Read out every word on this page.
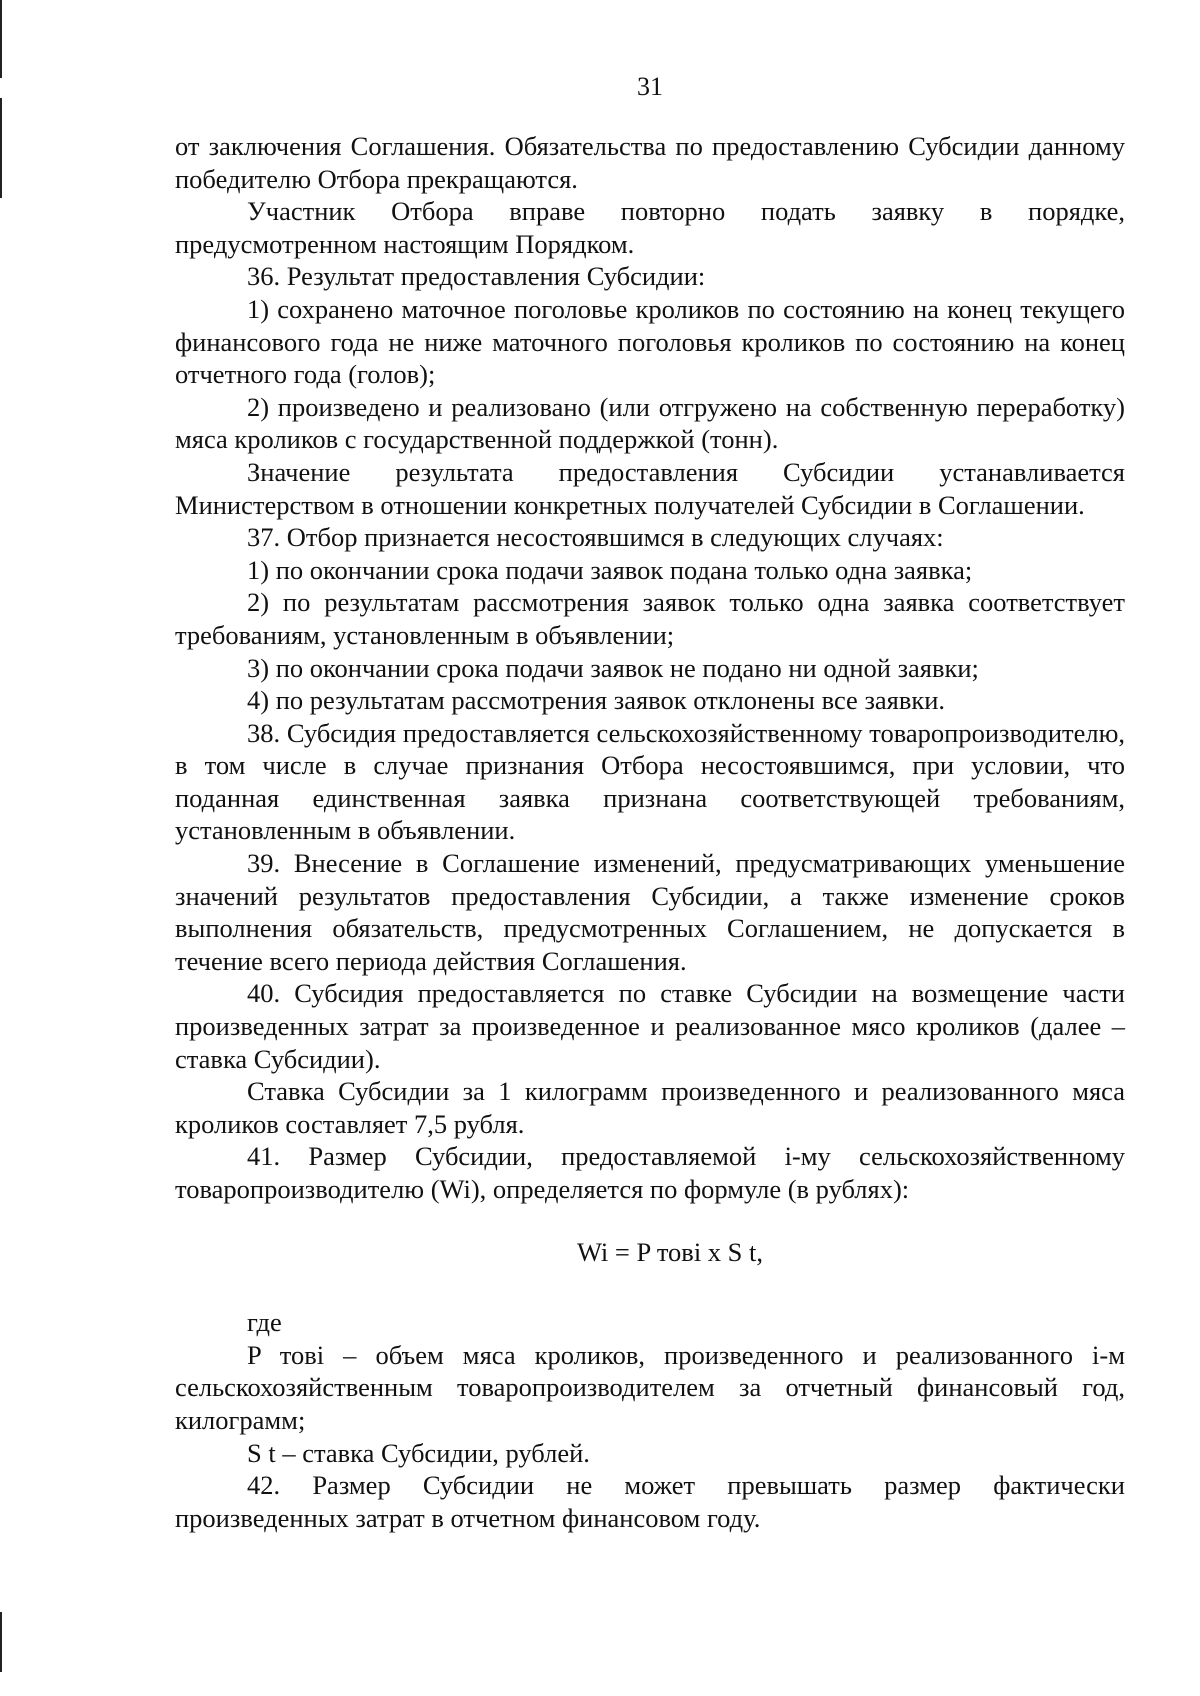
31

от заключения Соглашения. Обязательства по предоставлению Субсидии данному победителю Отбора прекращаются.

Участник Отбора вправе повторно подать заявку в порядке, предусмотренном настоящим Порядком.

36. Результат предоставления Субсидии:

1) сохранено маточное поголовье кроликов по состоянию на конец текущего финансового года не ниже маточного поголовья кроликов по состоянию на конец отчетного года (голов);

2) произведено и реализовано (или отгружено на собственную переработку) мяса кроликов с государственной поддержкой (тонн).

Значение результата предоставления Субсидии устанавливается Министерством в отношении конкретных получателей Субсидии в Соглашении.

37. Отбор признается несостоявшимся в следующих случаях:

1) по окончании срока подачи заявок подана только одна заявка;

2) по результатам рассмотрения заявок только одна заявка соответствует требованиям, установленным в объявлении;

3) по окончании срока подачи заявок не подано ни одной заявки;

4) по результатам рассмотрения заявок отклонены все заявки.

38. Субсидия предоставляется сельскохозяйственному товаропроизводителю, в том числе в случае признания Отбора несостоявшимся, при условии, что поданная единственная заявка признана соответствующей требованиям, установленным в объявлении.

39. Внесение в Соглашение изменений, предусматривающих уменьшение значений результатов предоставления Субсидии, а также изменение сроков выполнения обязательств, предусмотренных Соглашением, не допускается в течение всего периода действия Соглашения.

40. Субсидия предоставляется по ставке Субсидии на возмещение части произведенных затрат за произведенное и реализованное мясо кроликов (далее – ставка Субсидии).

Ставка Субсидии за 1 килограмм произведенного и реализованного мяса кроликов составляет 7,5 рубля.

41. Размер Субсидии, предоставляемой i-му сельскохозяйственному товаропроизводителю (Wi), определяется по формуле (в рублях):

Wi = P тові x S t,

где

P тові – объем мяса кроликов, произведенного и реализованного i-м сельскохозяйственным товаропроизводителем за отчетный финансовый год, килограмм;

S t – ставка Субсидии, рублей.

42. Размер Субсидии не может превышать размер фактически произведенных затрат в отчетном финансовом году.
